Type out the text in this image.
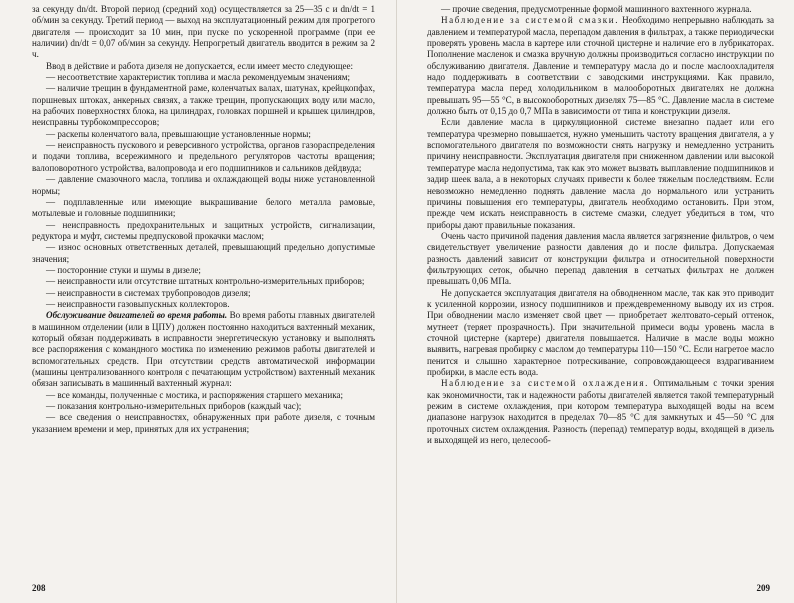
за секунду dn/dt. Второй период (средний ход) осуществляется за 25—35 с и dn/dt = 1 об/мин за секунду. Третий период — выход на эксплуатационный режим для прогретого двигателя — происходит за 10 мин, при пуске по ускоренной программе (при ее наличии) dn/dt = 0,07 об/мин за секунду. Непрогретый двигатель вводится в режим за 2 ч.

Ввод в действие и работа дизеля не допускается, если имеет место следующее:

— несоответствие характеристик топлива и масла рекомендуемым значениям;

— наличие трещин в фундаментной раме, коленчатых валах, шатунах, крейцкопфах, поршневых штоках, анкерных связях, а также трещин, пропускающих воду или масло, на рабочих поверхностях блока, на цилиндрах, головках поршней и крышек цилиндров, неисправны турбокомпрессоров;

— раскепы коленчатого вала, превышающие установленные нормы;

— неисправность пускового и реверсивного устройства, органов газораспределения и подачи топлива, всережимного и предельного регуляторов частоты вращения; валоповоротного устройства, валопровода и его подшипников и сальников дейдвуда;

— давление смазочного масла, топлива и охлаждающей воды ниже установленной нормы;

— подплавленные или имеющие выкрашивание белого металла рамовые, мотылевые и головные подшипники;

— неисправность предохранительных и защитных устройств, сигнализации, редуктора и муфт, системы предпусковой прокачки маслом;

— износ основных ответственных деталей, превышающий предельно допустимые значения;

— посторонние стуки и шумы в дизеле;

— неисправности или отсутствие штатных контрольно-измерительных приборов;

— неисправности в системах трубопроводов дизеля;

— неисправности газовыпускных коллекторов.

Обслуживание двигателей во время работы. Во время работы главных двигателей в машинном отделении (или в ЦПУ) должен постоянно находиться вахтенный механик, который обязан поддерживать в исправности энергетическую установку и выполнять все распоряжения с командного мостика по изменению режимов работы двигателей и вспомогательных средств. При отсутствии средств автоматической информации (машины централизованного контроля с печатающим устройством) вахтенный механик обязан записывать в машинный вахтенный журнал:

— все команды, полученные с мостика, и распоряжения старшего механика;

— показания контрольно-измерительных приборов (каждый час);

— все сведения о неисправностях, обнаруженных при работе дизеля, с точным указанием времени и мер, принятых для их устранения;

208

— прочие сведения, предусмотренные формой машинного вахтенного журнала.

Наблюдение за системой смазки. Необходимо непрерывно наблюдать за давлением и температурой масла, перепадом давления в фильтрах, а также периодически проверять уровень масла в картере или сточной цистерне и наличие его в лубрикаторах. Пополнение масленок и смазка вручную должны производиться согласно инструкции по обслуживанию двигателя. Давление и температуру масла до и после маслоохладителя надо поддерживать в соответствии с заводскими инструкциями. Как правило, температура масла перед холодильником в малооборотных двигателях не должна превышать 95—55 °C, в высокооборотных дизелях 75—85 °C. Давление масла в системе должно быть от 0,15 до 0,7 МПа в зависимости от типа и конструкции дизеля.

Если давление масла в циркуляционной системе внезапно падает или его температура чрезмерно повышается, нужно уменьшить частоту вращения двигателя, а у вспомогательного двигателя по возможности снять нагрузку и немедленно устранить причину неисправности. Эксплуатация двигателя при сниженном давлении или высокой температуре масла недопустима, так как это может вызвать выплавление подшипников и задир шеек вала, а в некоторых случаях привести к более тяжелым последствиям. Если невозможно немедленно поднять давление масла до нормального или устранить причины повышения его температуры, двигатель необходимо остановить. При этом, прежде чем искать неисправность в системе смазки, следует убедиться в том, что приборы дают правильные показания.

Очень часто причиной падения давления масла является загрязнение фильтров, о чем свидетельствует увеличение разности давления до и после фильтра. Допускаемая разность давлений зависит от конструкции фильтра и относительной поверхности фильтрующих сеток, обычно перепад давления в сетчатых фильтрах не должен превышать 0,06 МПа.

Не допускается эксплуатация двигателя на обводненном масле, так как это приводит к усиленной коррозии, износу подшипников и преждевременному выводу их из строя. При обводнении масло изменяет свой цвет — приобретает желтовато-серый оттенок, мутнеет (теряет прозрачность). При значительной примеси воды уровень масла в сточной цистерне (картере) двигателя повышается. Наличие в масле воды можно выявить, нагревая пробирку с маслом до температуры 110—150 °C. Если нагретое масло пенится и слышно характерное потрескивание, сопровождающееся вздрагиванием пробирки, в масле есть вода.

Наблюдение за системой охлаждения. Оптимальным с точки зрения как экономичности, так и надежности работы двигателей является такой температурный режим в системе охлаждения, при котором температура выходящей воды на всем диапазоне нагрузок находится в пределах 70—85 °C для замкнутых и 45—50 °C для проточных систем охлаждения. Разность (перепад) температур воды, входящей в дизель и выходящей из него, целесооб-

209
